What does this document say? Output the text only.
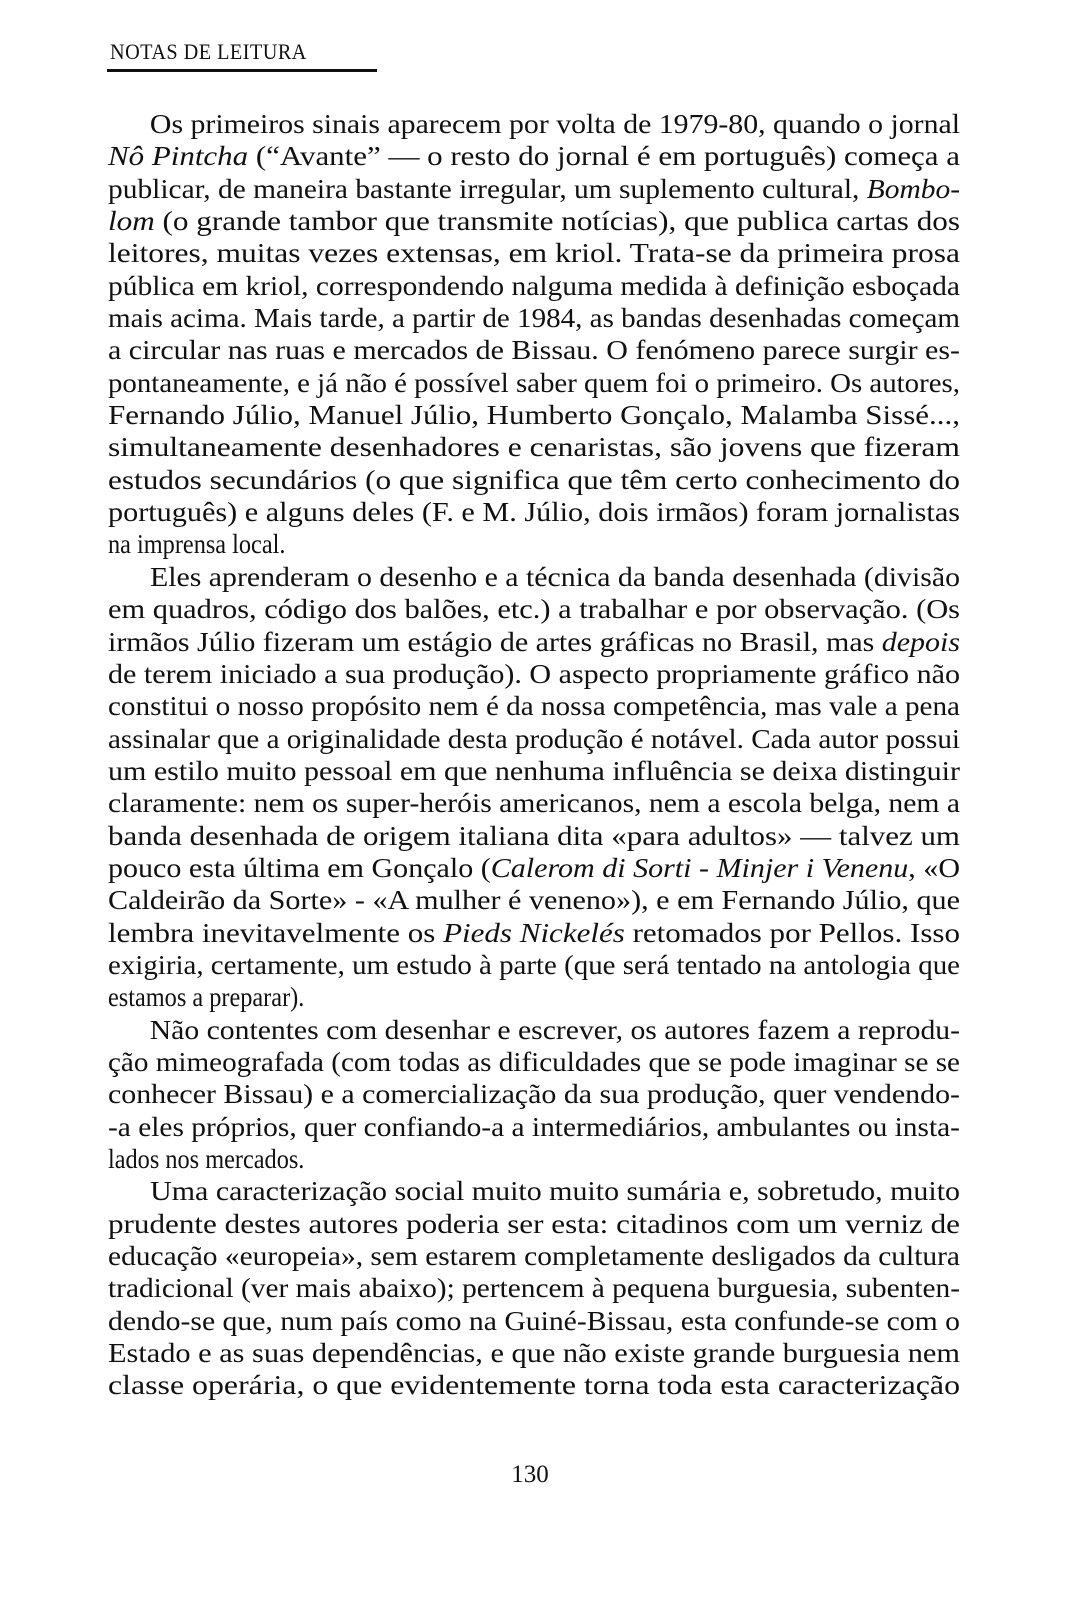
NOTAS DE LEITURA
Os primeiros sinais aparecem por volta de 1979-80, quando o jornal
Nô Pintcha (“Avante” — o resto do jornal é em português) começa a
publicar, de maneira bastante irregular, um suplemento cultural, Bombo-
lom (o grande tambor que transmite notícias), que publica cartas dos
leitores, muitas vezes extensas, em kriol. Trata-se da primeira prosa
pública em kriol, correspondendo nalguma medida à definição esboçada
mais acima. Mais tarde, a partir de 1984, as bandas desenhadas começam
a circular nas ruas e mercados de Bissau. O fenómeno parece surgir es-
pontaneamente, e já não é possível saber quem foi o primeiro. Os autores,
Fernando Júlio, Manuel Júlio, Humberto Gonçalo, Malamba Sissé...,
simultaneamente desenhadores e cenaristas, são jovens que fizeram
estudos secundários (o que significa que têm certo conhecimento do
português) e alguns deles (F. e M. Júlio, dois irmãos) foram jornalistas
na imprensa local.
Eles aprenderam o desenho e a técnica da banda desenhada (divisão
em quadros, código dos balões, etc.) a trabalhar e por observação. (Os
irmãos Júlio fizeram um estágio de artes gráficas no Brasil, mas depois
de terem iniciado a sua produção). O aspecto propriamente gráfico não
constitui o nosso propósito nem é da nossa competência, mas vale a pena
assinalar que a originalidade desta produção é notável. Cada autor possui
um estilo muito pessoal em que nenhuma influência se deixa distinguir
claramente: nem os super-heróis americanos, nem a escola belga, nem a
banda desenhada de origem italiana dita «para adultos» — talvez um
pouco esta última em Gonçalo (Calerom di Sorti - Minjer i Venenu, «O
Caldeirão da Sorte» - «A mulher é veneno»), e em Fernando Júlio, que
lembra inevitavelmente os Pieds Nickelés retomados por Pellos. Isso
exigiria, certamente, um estudo à parte (que será tentado na antologia que
estamos a preparar).
Não contentes com desenhar e escrever, os autores fazem a reprodu-
ção mimeografada (com todas as dificuldades que se pode imaginar se se
conhecer Bissau) e a comercialização da sua produção, quer vendendo-
-a eles próprios, quer confiando-a a intermediários, ambulantes ou insta-
lados nos mercados.
Uma caracterização social muito muito sumária e, sobretudo, muito
prudente destes autores poderia ser esta: citadinos com um verniz de
educação «europeia», sem estarem completamente desligados da cultura
tradicional (ver mais abaixo); pertencem à pequena burguesia, subenten-
dendo-se que, num país como na Guiné-Bissau, esta confunde-se com o
Estado e as suas dependências, e que não existe grande burguesia nem
classe operária, o que evidentemente torna toda esta caracterização
130
